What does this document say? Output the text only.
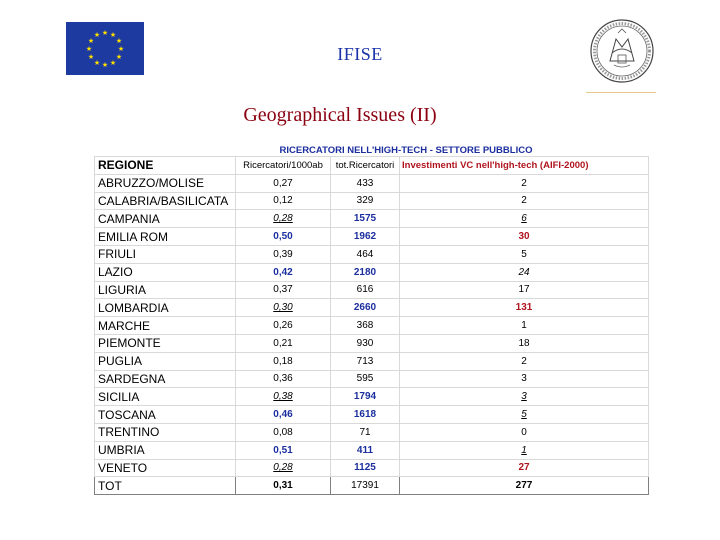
★ ★
★
★
★
★
★
★
★
★
★
★
IFISE
Geographical Issues (II)
	RICERCATORI NELL'HIGH-TECH - SETTORE PUBBLICO		
REGIONE	Ricercatori/1000ab	tot.Ricercatori	Investimenti VC nell'high-tech (AIFI-2000)
ABRUZZO/MOLISE	0,27	433	2
CALABRIA/BASILICATA	0,12	329	2
CAMPANIA	0,28	1575	6
EMILIA ROM	0,50	1962	30
FRIULI	0,39	464	5
LAZIO	0,42	2180	24
LIGURIA	0,37	616	17
LOMBARDIA	0,30	2660	131
MARCHE	0,26	368	1
PIEMONTE	0,21	930	18
PUGLIA	0,18	713	2
SARDEGNA	0,36	595	3
SICILIA	0,38	1794	3
TOSCANA	0,46	1618	5
TRENTINO	0,08	71	0
UMBRIA	0,51	411	1
VENETO	0,28	1125	27
TOT	0,31	17391	277
